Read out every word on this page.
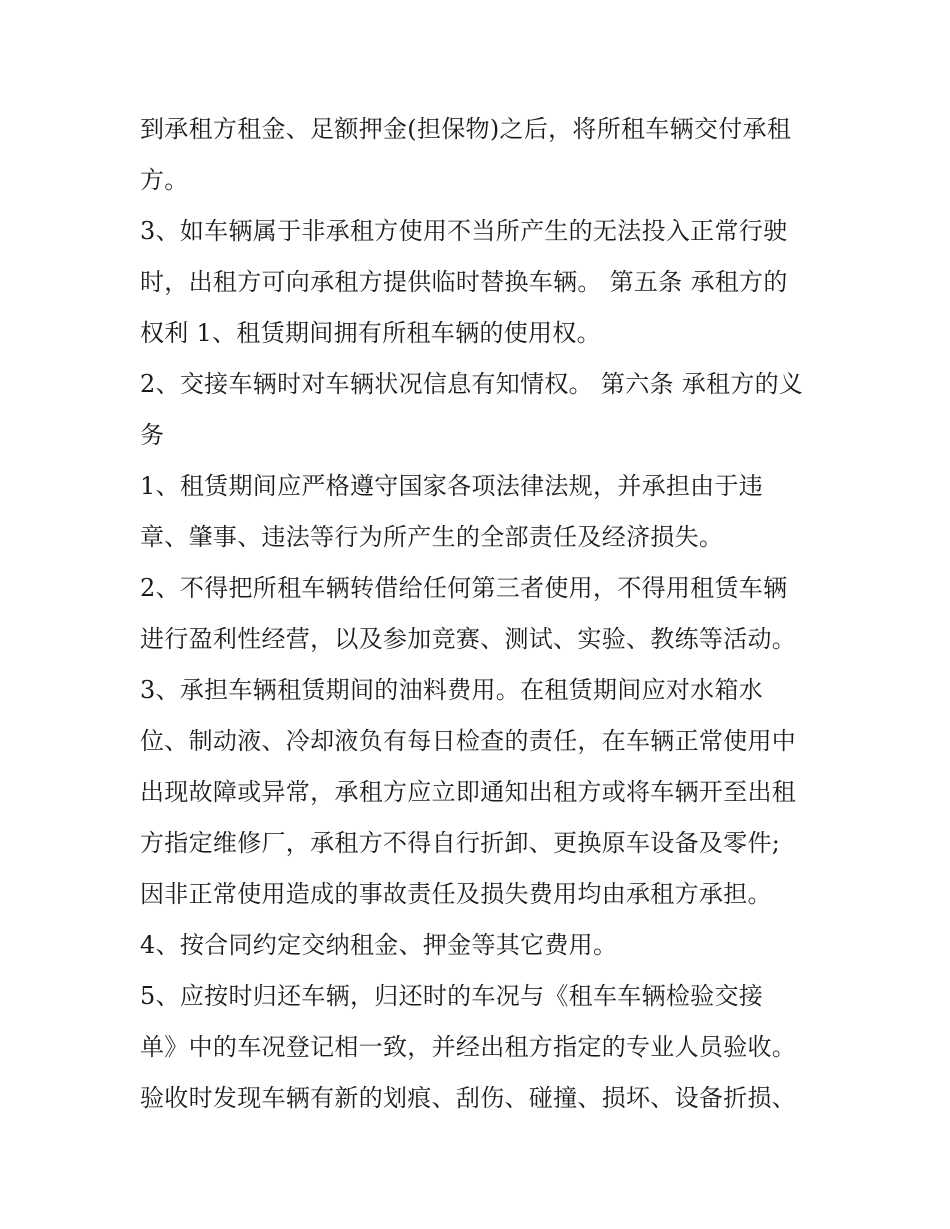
到承租方租金、足额押金(担保物)之后，将所租车辆交付承租
方。
3、如车辆属于非承租方使用不当所产生的无法投入正常行驶
时，出租方可向承租方提供临时替换车辆。 第五条 承租方的
权利 1、租赁期间拥有所租车辆的使用权。
2、交接车辆时对车辆状况信息有知情权。 第六条 承租方的义
务
1、租赁期间应严格遵守国家各项法律法规，并承担由于违
章、肇事、违法等行为所产生的全部责任及经济损失。
2、不得把所租车辆转借给任何第三者使用，不得用租赁车辆
进行盈利性经营，以及参加竞赛、测试、实验、教练等活动。
3、承担车辆租赁期间的油料费用。在租赁期间应对水箱水
位、制动液、冷却液负有每日检查的责任，在车辆正常使用中
出现故障或异常，承租方应立即通知出租方或将车辆开至出租
方指定维修厂，承租方不得自行折卸、更换原车设备及零件;
因非正常使用造成的事故责任及损失费用均由承租方承担。
4、按合同约定交纳租金、押金等其它费用。
5、应按时归还车辆，归还时的车况与《租车车辆检验交接
单》中的车况登记相一致，并经出租方指定的专业人员验收。
验收时发现车辆有新的划痕、刮伤、碰撞、损坏、设备折损、
